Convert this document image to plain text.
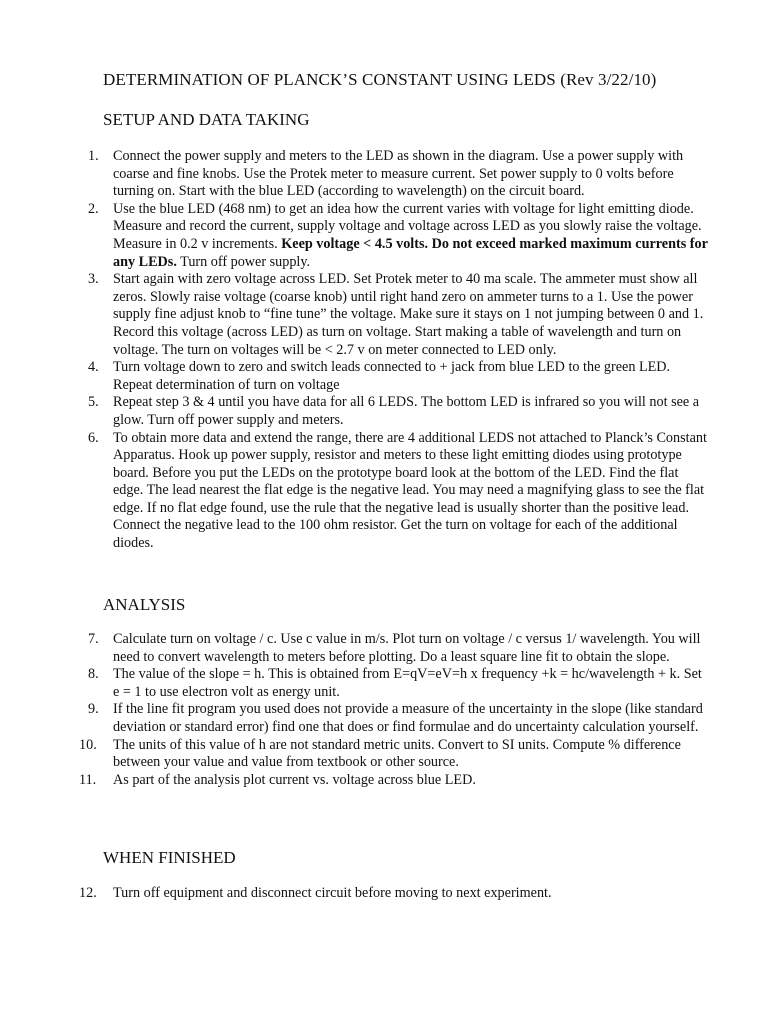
DETERMINATION OF PLANCK’S CONSTANT USING LEDS (Rev 3/22/10)
SETUP AND DATA TAKING
1.	Connect the power supply and meters to the LED as shown in the diagram. Use a power supply with coarse and fine knobs. Use the Protek meter to measure current. Set power supply to 0 volts before turning on. Start with the blue LED (according to wavelength) on the circuit board.
2.	Use the blue LED (468 nm) to get an idea how the current varies with voltage for light emitting diode. Measure and record the current, supply voltage and voltage across LED as you slowly raise the voltage. Measure in 0.2 v increments. Keep voltage < 4.5 volts. Do not exceed marked maximum currents for any LEDs. Turn off power supply.
3.	Start again with zero voltage across LED. Set Protek meter to 40 ma scale. The ammeter must show all zeros. Slowly raise voltage (coarse knob) until right hand zero on ammeter turns to a 1. Use the power supply fine adjust knob to “fine tune” the voltage. Make sure it stays on 1 not jumping between 0 and 1. Record this voltage (across LED) as turn on voltage. Start making a table of wavelength and turn on voltage. The turn on voltages will be < 2.7 v on meter connected to LED only.
4.	Turn voltage down to zero and switch leads connected to + jack from blue LED to the green LED. Repeat determination of turn on voltage
5.	Repeat step 3 & 4 until you have data for all 6 LEDS. The bottom LED is infrared so you will not see a glow. Turn off power supply and meters.
6.	To obtain more data and extend the range, there are 4 additional LEDS not attached to Planck’s Constant Apparatus. Hook up power supply, resistor and meters to these light emitting diodes using prototype board. Before you put the LEDs on the prototype board look at the bottom of the LED. Find the flat edge. The lead nearest the flat edge is the negative lead. You may need a magnifying glass to see the flat edge. If no flat edge found, use the rule that the negative lead is usually shorter than the positive lead. Connect the negative lead to the 100 ohm resistor. Get the turn on voltage for each of the additional diodes.
ANALYSIS
7.	Calculate turn on voltage / c. Use c value in m/s. Plot turn on voltage / c versus 1/ wavelength. You will need to convert wavelength to meters before plotting. Do a least square line fit to obtain the slope.
8.	The value of the slope = h. This is obtained from E=qV=eV=h x frequency +k = hc/wavelength + k. Set e = 1 to use electron volt as energy unit.
9.	If the line fit program you used does not provide a measure of the uncertainty in the slope (like standard deviation or standard error) find one that does or find formulae and do uncertainty calculation yourself.
10.	The units of this value of h are not standard metric units. Convert to SI units. Compute % difference between your value and value from textbook or other source.
11.	As part of the analysis plot current vs. voltage across blue LED.
WHEN FINISHED
12.	Turn off equipment and disconnect circuit before moving to next experiment.
